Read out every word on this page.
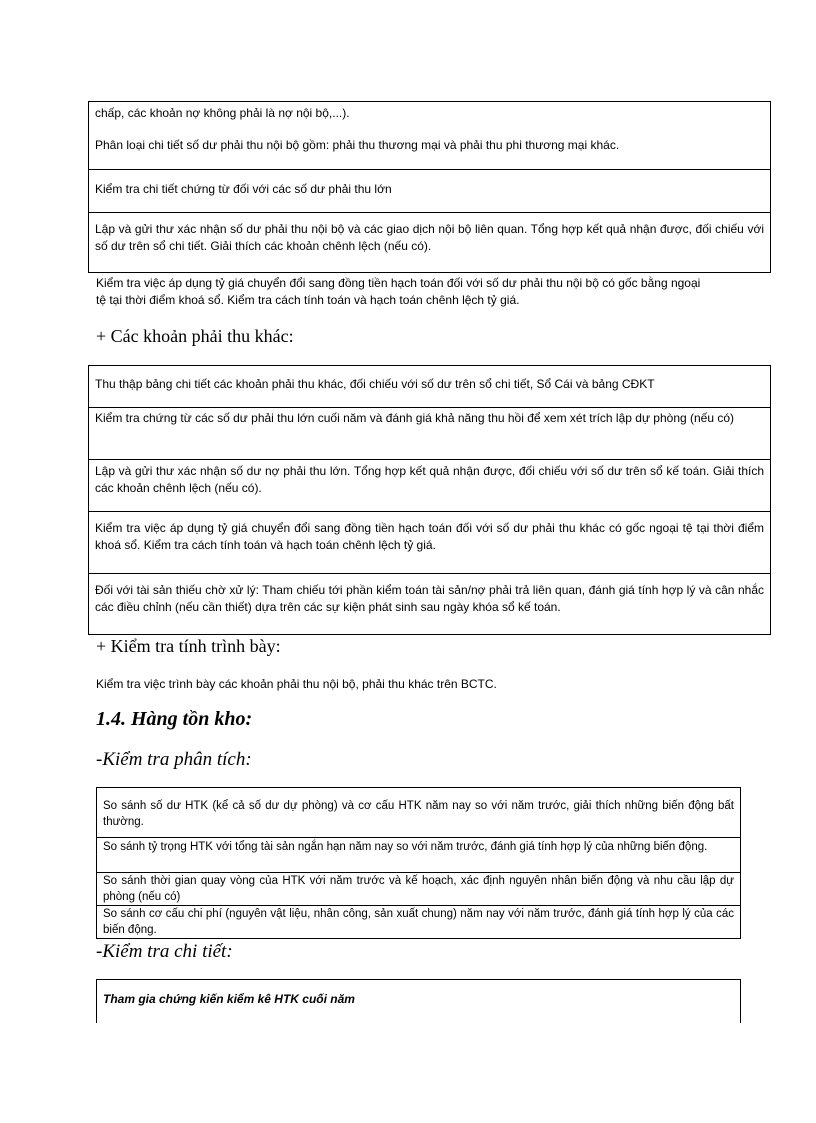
chấp, các khoản nợ không phải là nợ nội bộ,...).
Phân loại chi tiết số dư phải thu nội bộ gồm: phải thu thương mại và phải thu phi thương mại khác.
Kiểm tra chi tiết chứng từ đối với các số dư phải thu lớn
Lập và gửi thư xác nhận số dư phải thu nội bộ và các giao dịch nội bộ liên quan. Tổng hợp kết quả nhận được, đối chiếu với số dư trên sổ chi tiết. Giải thích các khoản chênh lệch (nếu có).
Kiểm tra việc áp dụng tỷ giá chuyển đổi sang đồng tiền hạch toán đối với số dư phải thu nội bộ có gốc bằng ngoại tệ tại thời điểm khoá sổ. Kiểm tra cách tính toán và hạch toán chênh lệch tỷ giá.
+ Các khoản phải thu khác:
Thu thập bảng chi tiết các khoản phải thu khác, đối chiếu với số dư trên sổ chi tiết, Sổ Cái và bảng CĐKT
Kiểm tra chứng từ các số dư phải thu lớn cuối năm và đánh giá khả năng thu hồi để xem xét trích lập dự phòng (nếu có)
Lập và gửi thư xác nhận số dư nợ phải thu lớn. Tổng hợp kết quả nhận được, đối chiếu với số dư trên sổ kế toán. Giải thích các khoản chênh lệch (nếu có).
Kiểm tra việc áp dụng tỷ giá chuyển đổi sang đồng tiền hạch toán đối với số dư phải thu khác có gốc ngoại tệ tại thời điểm khoá sổ. Kiểm tra cách tính toán và hạch toán chênh lệch tỷ giá.
Đối với tài sản thiếu chờ xử lý: Tham chiếu tới phần kiểm toán tài sản/nợ phải trả liên quan, đánh giá tính hợp lý và cân nhắc các điều chỉnh (nếu cần thiết) dựa trên các sự kiện phát sinh sau ngày khóa sổ kế toán.
+ Kiểm tra tính trình bày:
Kiểm tra việc trình bày các khoản phải thu nội bộ, phải thu khác trên BCTC.
1.4. Hàng tồn kho:
-Kiểm tra phân tích:
So sánh số dư HTK (kể cả số dư dự phòng) và cơ cấu HTK năm nay so với năm trước, giải thích những biến động bất thường.
So sánh tỷ trọng HTK với tổng tài sản ngắn hạn năm nay so với năm trước, đánh giá tính hợp lý của những biến động.
So sánh thời gian quay vòng của HTK với năm trước và kế hoạch, xác định nguyên nhân biến động và nhu cầu lập dự phòng (nếu có)
So sánh cơ cấu chi phí (nguyên vật liệu, nhân công, sản xuất chung) năm nay với năm trước, đánh giá tính hợp lý của các biến động.
-Kiểm tra chi tiết:
Tham gia chứng kiến kiểm kê HTK cuối năm
